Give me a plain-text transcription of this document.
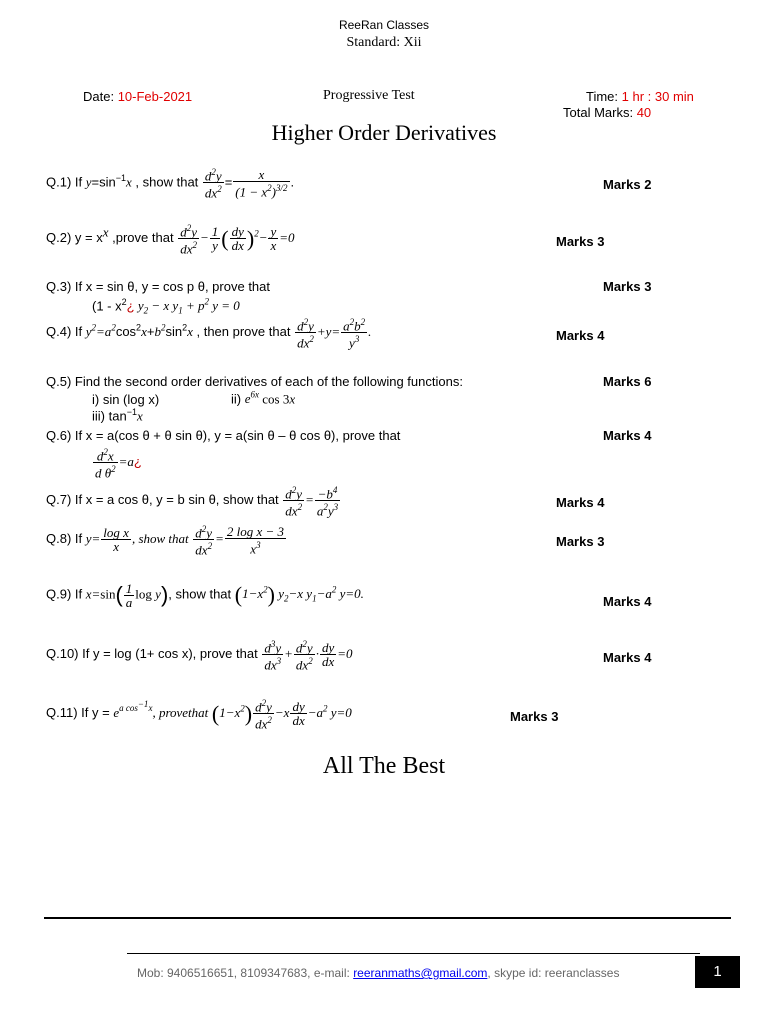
ReeRan Classes
Standard: Xii
Date: 10-Feb-2021	Progressive Test	Time: 1 hr : 30 min
Total Marks: 40
Higher Order Derivatives
Q.1) If $y=\sin^{-1}x$ , show that $\frac{d^2y}{dx^2} = \frac{x}{(1 - x^2)^{3/2}}$ .	Marks 2
Q.2) $y = x^x$ ,prove that $\frac{d^2y}{dx^2} - \frac{1}{y}$ ( $\frac{dy}{dx} )^2- \frac{y}{x} =0$	Marks 3
Q.3) If x = sin θ, y = cos p θ, prove that
($1 - x^2¿$ $y_2 - x$ $y_1 + p^2$ y = 0
Marks 3
Q.4) If $y^2=a^2\cos^2x+b^2\sin^2x$ , then prove that $\frac{d^2y}{dx^2} +y= \frac{a^2b^2}{y^3}$ .	Marks 4
Q.5) Find the second order derivatives of each of the following functions:	Marks 6
i) sin (log x)	ii) $e^{6x}$ cos 3x
iii) $\tan^{-1}x$
Q.6) If x = a(cos θ + θ sin θ), y = a(sin θ – θ cos θ), prove that	Marks 4
$\frac{d^2x}{d \theta^2}$ =a¿
Q.7) If x = a cos θ, y = b sin θ, show that $\frac{d^2y}{dx^2} = \frac{-b^4}{a^2y^3}$	Marks 4
Q.8) If $y= \frac{\text{log x}}{x}$ , show that $\frac{d^2y}{dx^2} = \frac{\text{2 log x − 3}}{x^3}$	Marks 3
Q.9) If $x=\sin( \frac{1}{a}$ log y), show that $(1-x^2)$ $y_2-x$ $y_1-a^2$ y=0.
Marks 4
Q.10) If y = log (1+ cos x), prove that $\frac{d^3y}{dx^3} + \frac{d^2y}{dx^2} \cdot \frac{dy}{dx} =0$	Marks 4
Q.11) If $y = e^{a cos^{-1}x}$, provethat $(1-x^2) \frac{d^2y}{dx^2} -x \frac{dy}{dx} -a^2$ y=0	Marks 3
All The Best
Mob: 9406516651, 8109347683, e-mail: reeranmaths@gmail.com, skype id: reeranclasses	1
